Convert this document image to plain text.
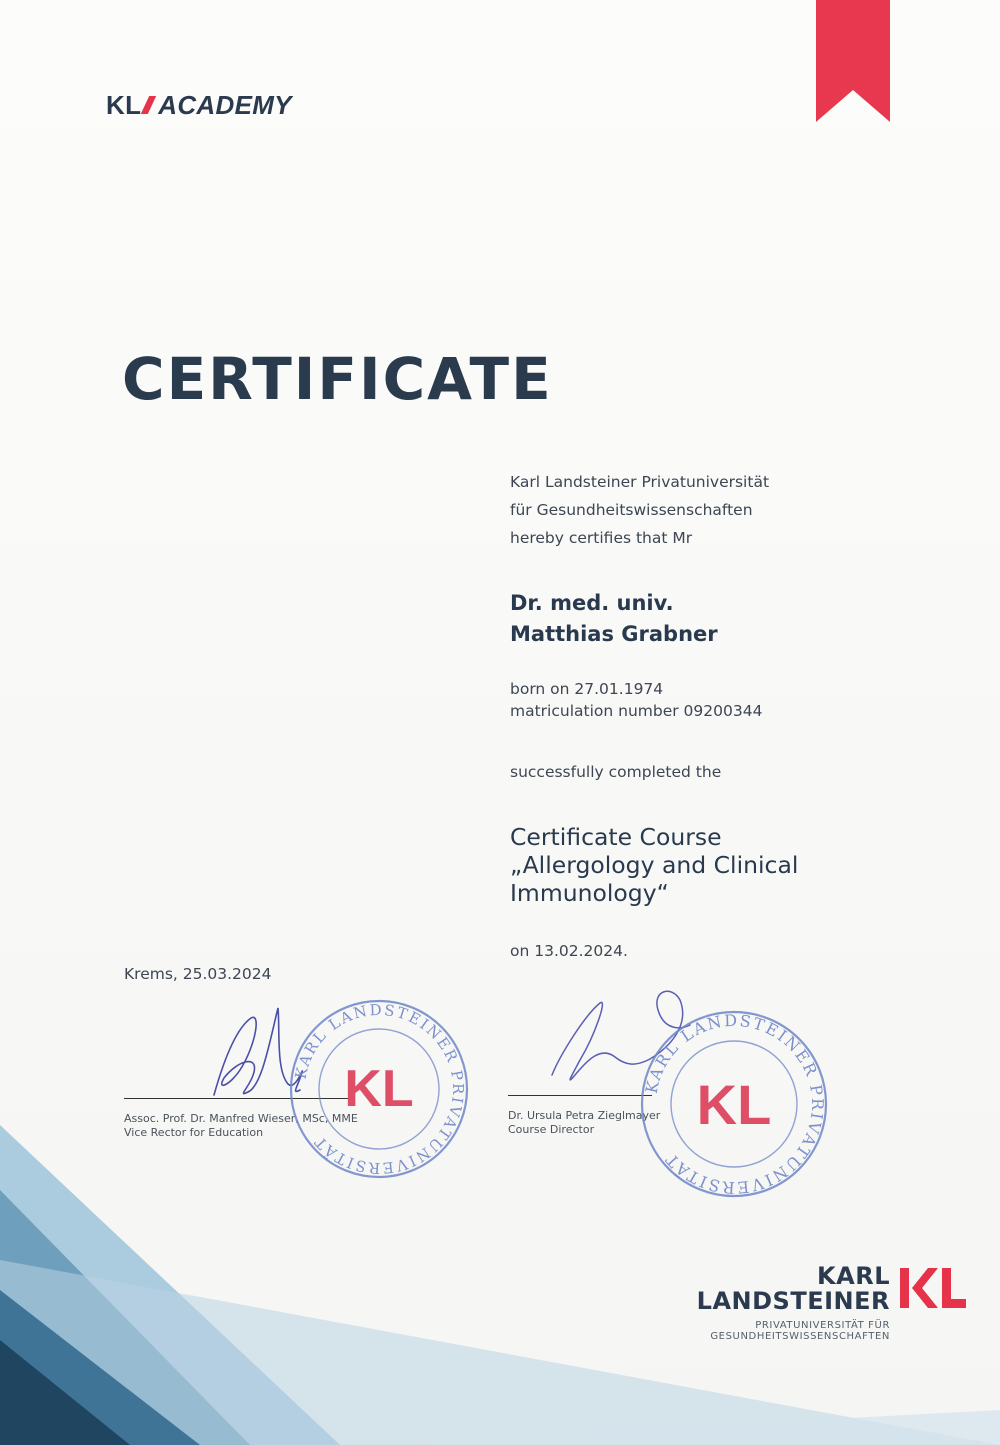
KL ACADEMY
CERTIFICATE
Karl Landsteiner Privatuniversität
für Gesundheitswissenschaften
hereby certifies that Mr
Dr. med. univ.
Matthias Grabner
born on 27.01.1974
matriculation number 09200344
successfully completed the
Certificate Course
„Allergology and Clinical
Immunology“
on 13.02.2024.
Krems, 25.03.2024
Assoc. Prof. Dr. Manfred Wieser, MSc, MME
Vice Rector for Education
KARL LANDSTEINER PRIVATUNIVERSITÄT
KL	Dr. Ursula Petra Zieglmayer
Course Director
KARL LANDSTEINER PRIVATUNIVERSITÄT
KL
KARL
LANDSTEINER
PRIVATUNIVERSITÄT FÜR
GESUNDHEITSWISSENSCHAFTEN
